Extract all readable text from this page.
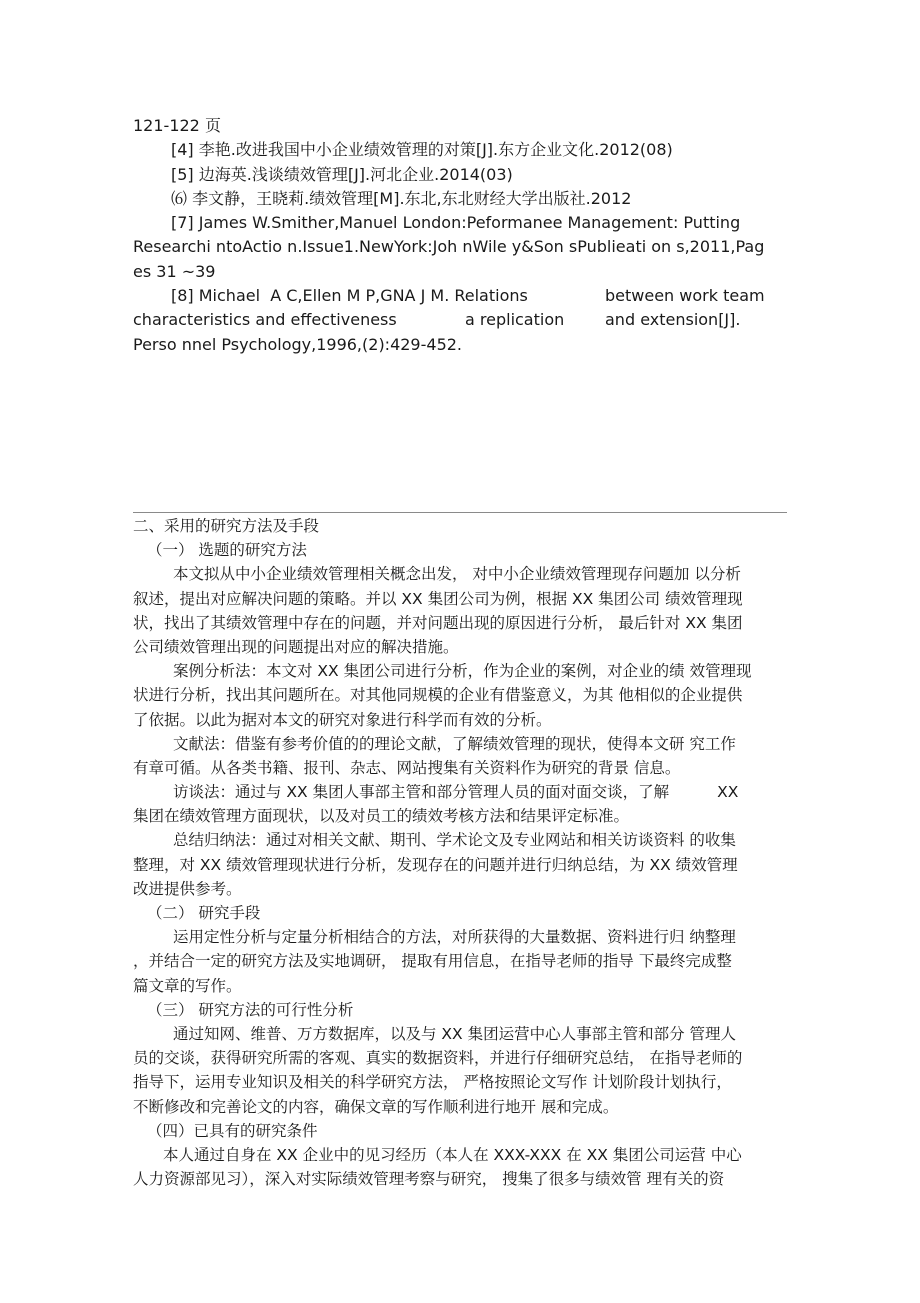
121-122 页
[4] 李艳.改进我国中小企业绩效管理的对策[J].东方企业文化.2012(08)
[5] 边海英.浅谈绩效管理[J].河北企业.2014(03)
⑹ 李文静，王晓莉.绩效管理[M].东北,东北财经大学出版社.2012
[7] James W.Smither,Manuel London:Peformanee Management: Putting
Researchi ntoActio n.Issue1.NewYork:Joh nWile y&Son sPublieati on s,2011,Pag
es 31 ~39
[8] Michael  A C,Ellen M P,GNA J M. Relations	between work team
characteristics and effectiveness	a replication	and extension[J].
Perso nnel Psychology,1996,(2):429-452.
二、采用的研究方法及手段
（一） 选题的研究方法
本文拟从中小企业绩效管理相关概念出发， 对中小企业绩效管理现存问题加 以分析
叙述，提出对应解决问题的策略。并以 XX 集团公司为例，根据 XX 集团公司 绩效管理现
状，找出了其绩效管理中存在的问题，并对问题出现的原因进行分析， 最后针对 XX 集团
公司绩效管理出现的问题提出对应的解决措施。
案例分析法：本文对 XX 集团公司进行分析，作为企业的案例，对企业的绩 效管理现
状进行分析，找出其问题所在。对其他同规模的企业有借鉴意义，为其 他相似的企业提供
了依据。以此为据对本文的研究对象进行科学而有效的分析。
文献法：借鉴有参考价值的的理论文献，了解绩效管理的现状，使得本文研 究工作
有章可循。从各类书籍、报刊、杂志、网站搜集有关资料作为研究的背景 信息。
访谈法：通过与 XX 集团人事部主管和部分管理人员的面对面交谈，了解	XX
集团在绩效管理方面现状，以及对员工的绩效考核方法和结果评定标准。
总结归纳法：通过对相关文献、期刊、学术论文及专业网站和相关访谈资料 的收集
整理，对 XX 绩效管理现状进行分析，发现存在的问题并进行归纳总结，为 XX 绩效管理
改进提供参考。
（二） 研究手段
运用定性分析与定量分析相结合的方法，对所获得的大量数据、资料进行归 纳整理
，并结合一定的研究方法及实地调研， 提取有用信息，在指导老师的指导 下最终完成整
篇文章的写作。
（三） 研究方法的可行性分析
通过知网、维普、万方数据库，以及与 XX 集团运营中心人事部主管和部分 管理人
员的交谈，获得研究所需的客观、真实的数据资料，并进行仔细研究总结， 在指导老师的
指导下，运用专业知识及相关的科学研究方法， 严格按照论文写作 计划阶段计划执行，
不断修改和完善论文的内容，确保文章的写作顺利进行地开 展和完成。
（四）已具有的研究条件
本人通过自身在 XX 企业中的见习经历（本人在 XXX-XXX 在 XX 集团公司运营 中心
人力资源部见习），深入对实际绩效管理考察与研究， 搜集了很多与绩效管 理有关的资
